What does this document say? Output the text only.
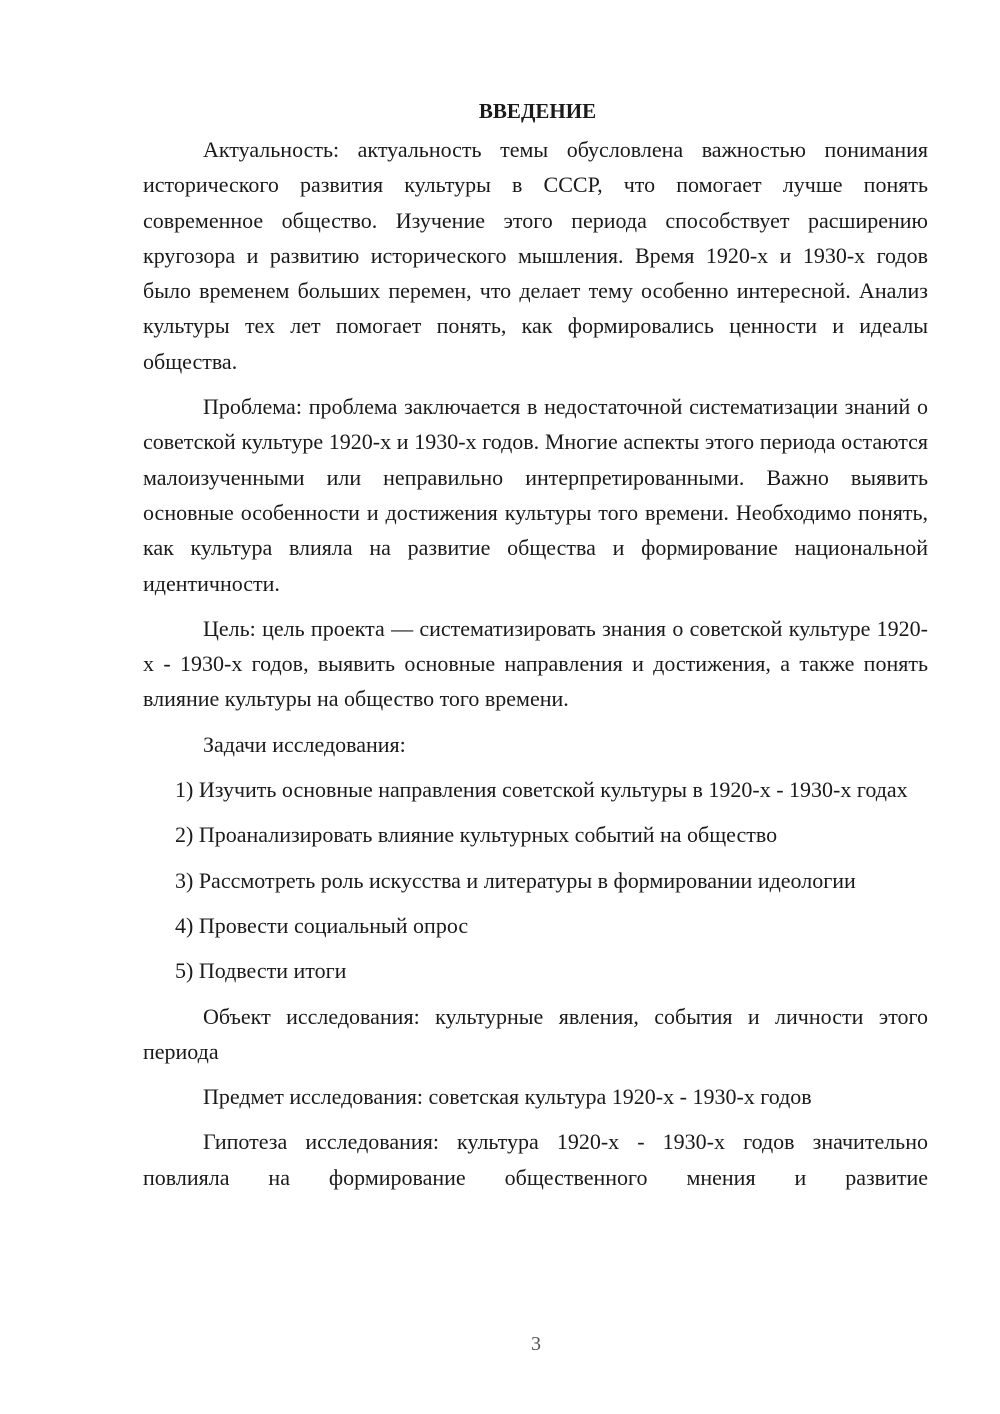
ВВЕДЕНИЕ

Актуальность: актуальность темы обусловлена важностью понимания исторического развития культуры в СССР, что помогает лучше понять современное общество. Изучение этого периода способствует расширению кругозора и развитию исторического мышления. Время 1920-х и 1930-х годов было временем больших перемен, что делает тему особенно интересной. Анализ культуры тех лет помогает понять, как формировались ценности и идеалы общества.

Проблема: проблема заключается в недостаточной систематизации знаний о советской культуре 1920-х и 1930-х годов. Многие аспекты этого периода остаются малоизученными или неправильно интерпретированными. Важно выявить основные особенности и достижения культуры того времени. Необходимо понять, как культура влияла на развитие общества и формирование национальной идентичности.

Цель: цель проекта — систематизировать знания о советской культуре 1920-х - 1930-х годов, выявить основные направления и достижения, а также понять влияние культуры на общество того времени.

Задачи исследования:

1) Изучить основные направления советской культуры в 1920-х - 1930-х годах

2) Проанализировать влияние культурных событий на общество

3) Рассмотреть роль искусства и литературы в формировании идеологии

4) Провести социальный опрос

5) Подвести итоги

Объект исследования: культурные явления, события и личности этого периода

Предмет исследования: советская культура 1920-х - 1930-х годов

Гипотеза исследования: культура 1920-х - 1930-х годов значительно повлияла на формирование общественного мнения и развитие

3
